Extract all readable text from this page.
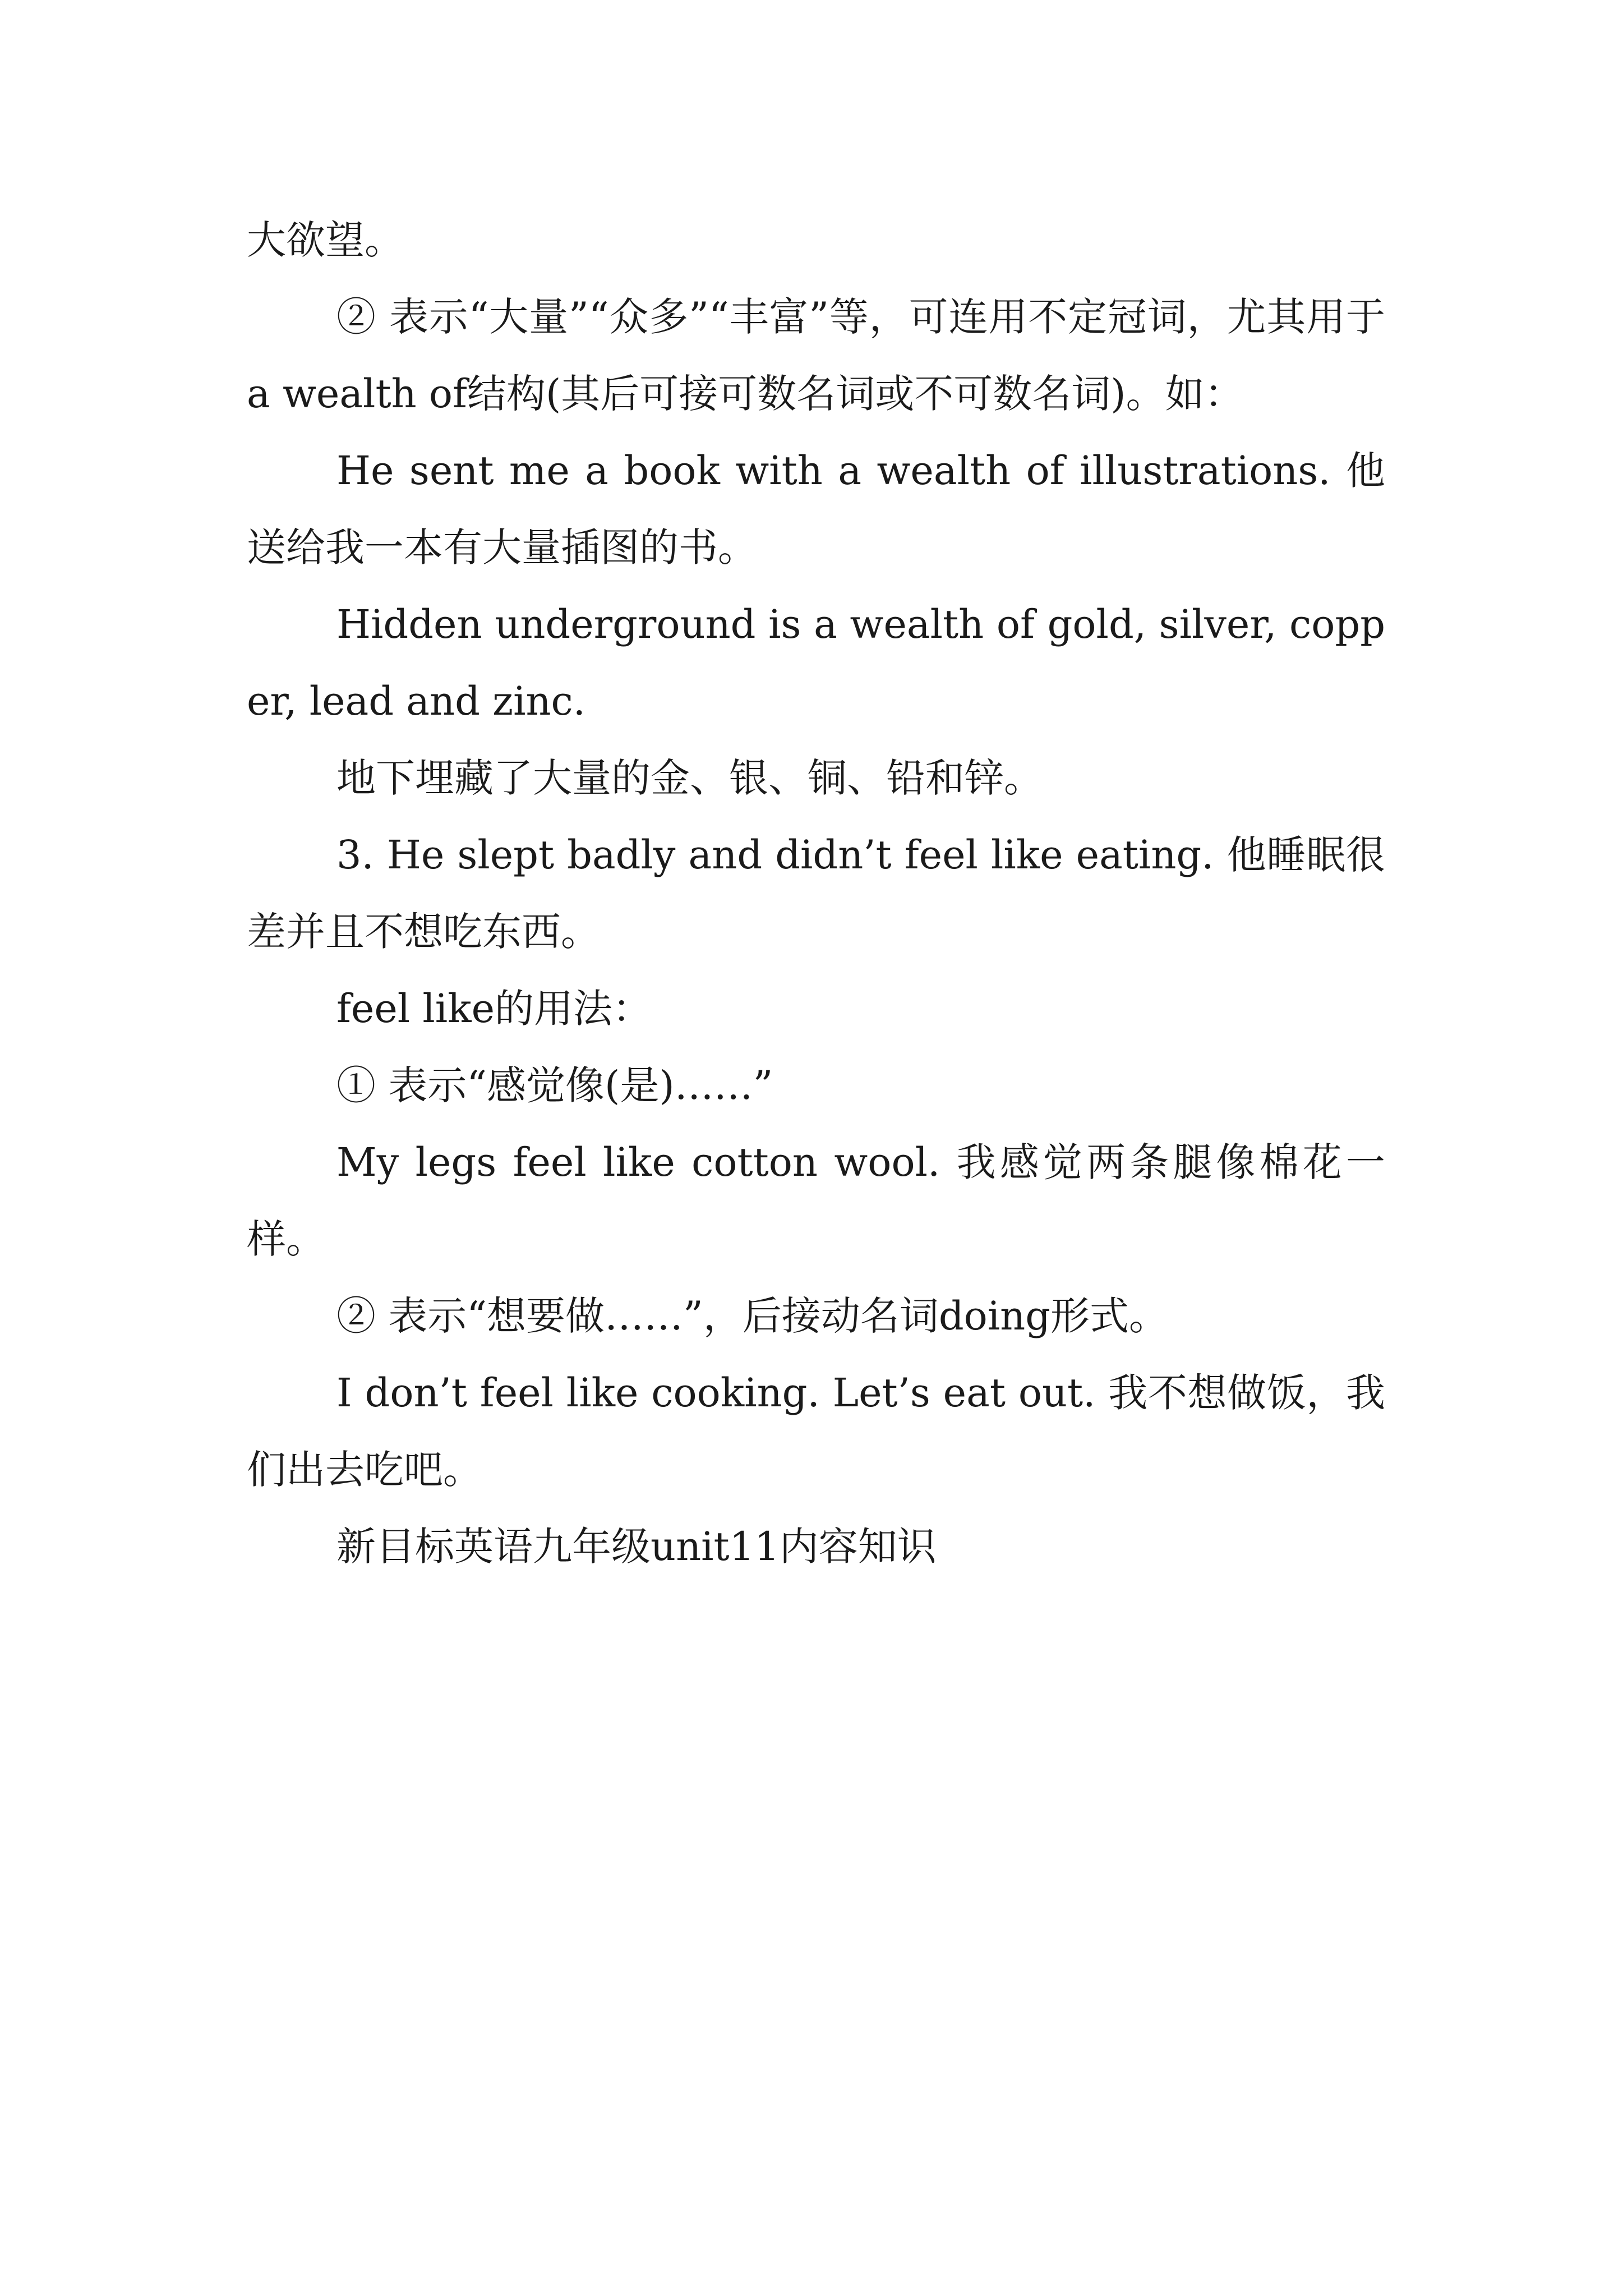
大欲望。

② 表示“大量”“众多”“丰富”等，可连用不定冠词，尤其用于a wealth of结构(其后可接可数名词或不可数名词)。如：

He sent me a book with a wealth of illustrations. 他送给我一本有大量插图的书。

Hidden underground is a wealth of gold, silver, copper, lead and zinc.

地下埋藏了大量的金、银、铜、铅和锌。

3. He slept badly and didn’t feel like eating. 他睡眠很差并且不想吃东西。

feel like的用法：

① 表示“感觉像(是)……”

My legs feel like cotton wool. 我感觉两条腿像棉花一样。

② 表示“想要做……”，后接动名词doing形式。

I don’t feel like cooking. Let’s eat out. 我不想做饭，我们出去吃吧。

新目标英语九年级unit11内容知识
